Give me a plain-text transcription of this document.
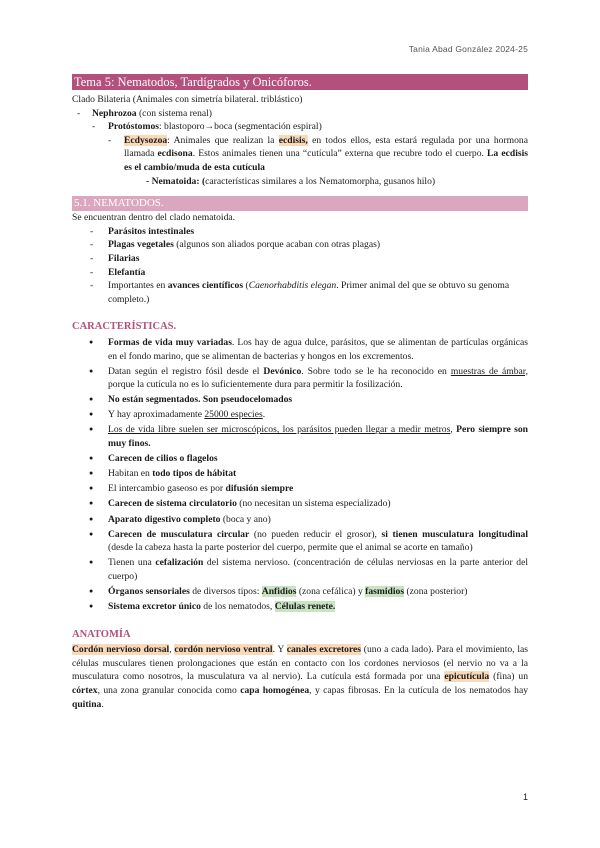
Tania Abad González 2024-25
Tema 5: Nematodos, Tardígrados y Onicóforos.
Clado Bilateria (Animales con simetría bilateral. triblástico)
- Nephrozoa (con sistema renal)
- Protóstomos: blastoporo→boca (segmentación espiral)
- Ecdysozoa: Animales que realizan la ecdisis, en todos ellos, esta estará regulada por una hormona llamada ecdisona. Estos animales tienen una “cutícula” externa que recubre todo el cuerpo. La ecdisis es el cambio/muda de esta cutícula
- Nematoida: (características similares a los Nematomorpha, gusanos hilo)
5.1. NEMATODOS.
Se encuentran dentro del clado nematoida.
- Parásitos intestinales
- Plagas vegetales (algunos son aliados porque acaban con otras plagas)
- Filarias
- Elefantía
- Importantes en avances científicos (Caenorhabditis elegan. Primer animal del que se obtuvo su genoma completo.)
CARACTERÍSTICAS.
● Formas de vida muy variadas. Los hay de agua dulce, parásitos, que se alimentan de partículas orgánicas en el fondo marino, que se alimentan de bacterias y hongos en los excrementos.
● Datan según el registro fósil desde el Devónico. Sobre todo se le ha reconocido en muestras de ámbar, porque la cutícula no es lo suficientemente dura para permitir la fosilización.
● No están segmentados. Son pseudocelomados
● Y hay aproximadamente 25000 especies.
● Los de vida libre suelen ser microscópicos, los parásitos pueden llegar a medir metros, Pero siempre son muy finos.
● Carecen de cilios o flagelos
● Habitan en todo tipos de hábitat
● El intercambio gaseoso es por difusión siempre
● Carecen de sistema circulatorio (no necesitan un sistema especializado)
● Aparato digestivo completo (boca y ano)
● Carecen de musculatura circular (no pueden reducir el grosor), si tienen musculatura longitudinal (desde la cabeza hasta la parte posterior del cuerpo, permite que el animal se acorte en tamaño)
● Tienen una cefalización del sistema nervioso. (concentración de células nerviosas en la parte anterior del cuerpo)
● Órganos sensoriales de diversos tipos: Anfidios (zona cefálica) y fasmidios (zona posterior)
● Sistema excretor único de los nematodos, Células renete.
ANATOMÍA
Cordón nervioso dorsal, cordón nervioso ventral. Y canales excretores (uno a cada lado). Para el movimiento, las células musculares tienen prolongaciones que están en contacto con los cordones nerviosos (el nervio no va a la musculatura como nosotros, la musculatura va al nervio). La cutícula está formada por una epicutícula (fina) un córtex, una zona granular conocida como capa homogénea, y capas fibrosas. En la cutícula de los nematodos hay quitina.
1
